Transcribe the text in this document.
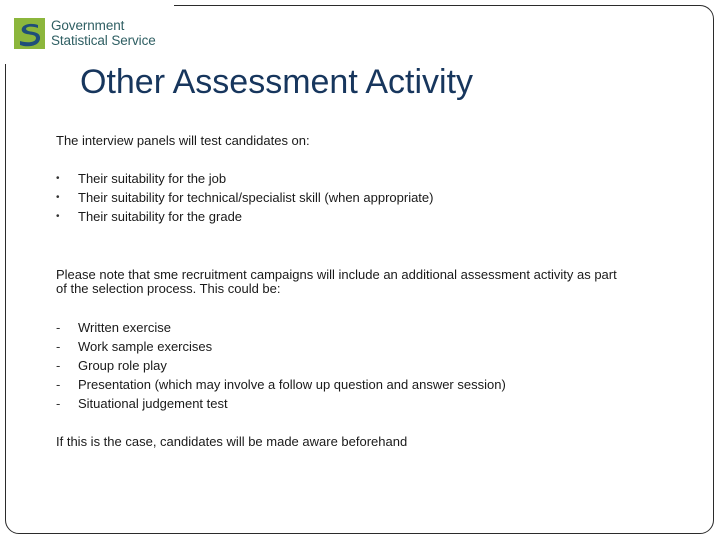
Government
Statistical Service
Other Assessment Activity
The interview panels will test candidates on:
•	Their suitability for the job
•	Their suitability for technical/specialist skill (when appropriate)
•	Their suitability for the grade
Please note that sme recruitment campaigns will include an additional assessment activity as part
of the selection process. This could be:
-	Written exercise
-	Work sample exercises
-	Group role play
-	Presentation (which may involve a follow up question and answer session)
-	Situational judgement test
If this is the case, candidates will be made aware beforehand
